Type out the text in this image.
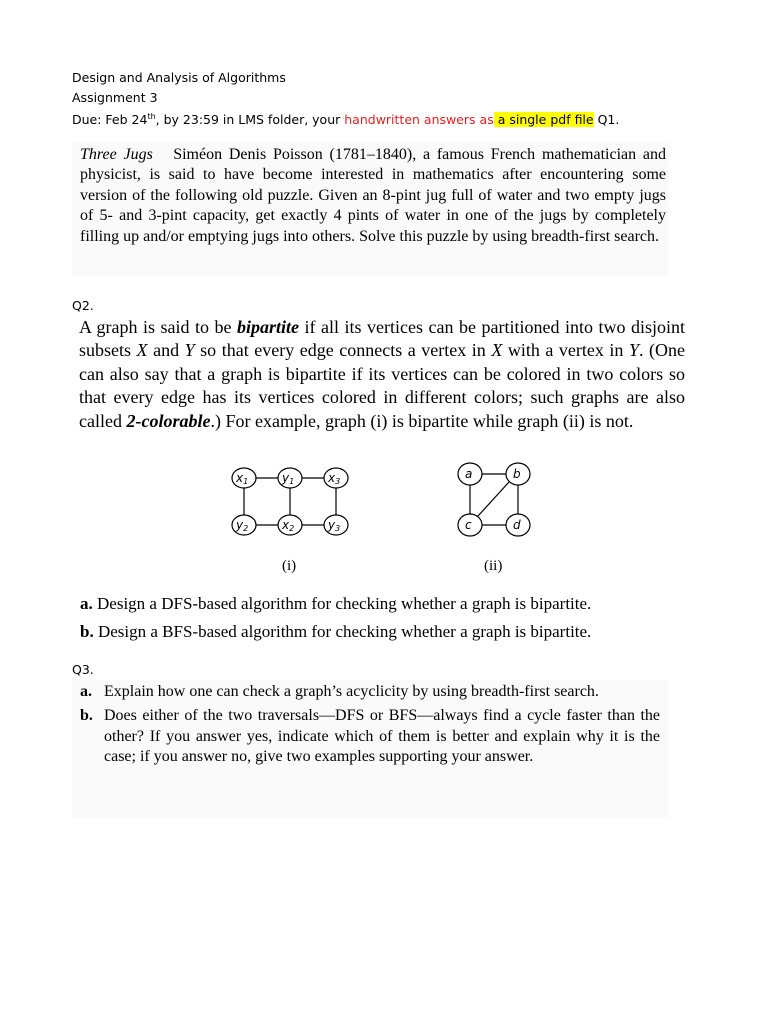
Design and Analysis of Algorithms
Assignment 3
Due: Feb 24th, by 23:59 in LMS folder, your handwritten answers as a single pdf file Q1.
Three Jugs Siméon Denis Poisson (1781–1840), a famous French mathematician and physicist, is said to have become interested in mathematics after encountering some version of the following old puzzle. Given an 8-pint jug full of water and two empty jugs of 5- and 3-pint capacity, get exactly 4 pints of water in one of the jugs by completely filling up and/or emptying jugs into others. Solve this puzzle by using breadth-first search.
Q2.

A graph is said to be bipartite if all its vertices can be partitioned into two disjoint subsets X and Y so that every edge connects a vertex in X with a vertex in Y. (One can also say that a graph is bipartite if its vertices can be colored in two colors so that every edge has its vertices colored in different colors; such graphs are also called 2-colorable.) For example, graph (i) is bipartite while graph (ii) is not.

x1	y1	x3
y2	x2	y3
(i)
a	b
c	d
(ii)
a. Design a DFS-based algorithm for checking whether a graph is bipartite.
b. Design a BFS-based algorithm for checking whether a graph is bipartite.
Q3.
a. Explain how one can check a graph’s acyclicity by using breadth-first search.
b. Does either of the two traversals—DFS or BFS—always find a cycle faster than the other? If you answer yes, indicate which of them is better and explain why it is the case; if you answer no, give two examples supporting your answer.
